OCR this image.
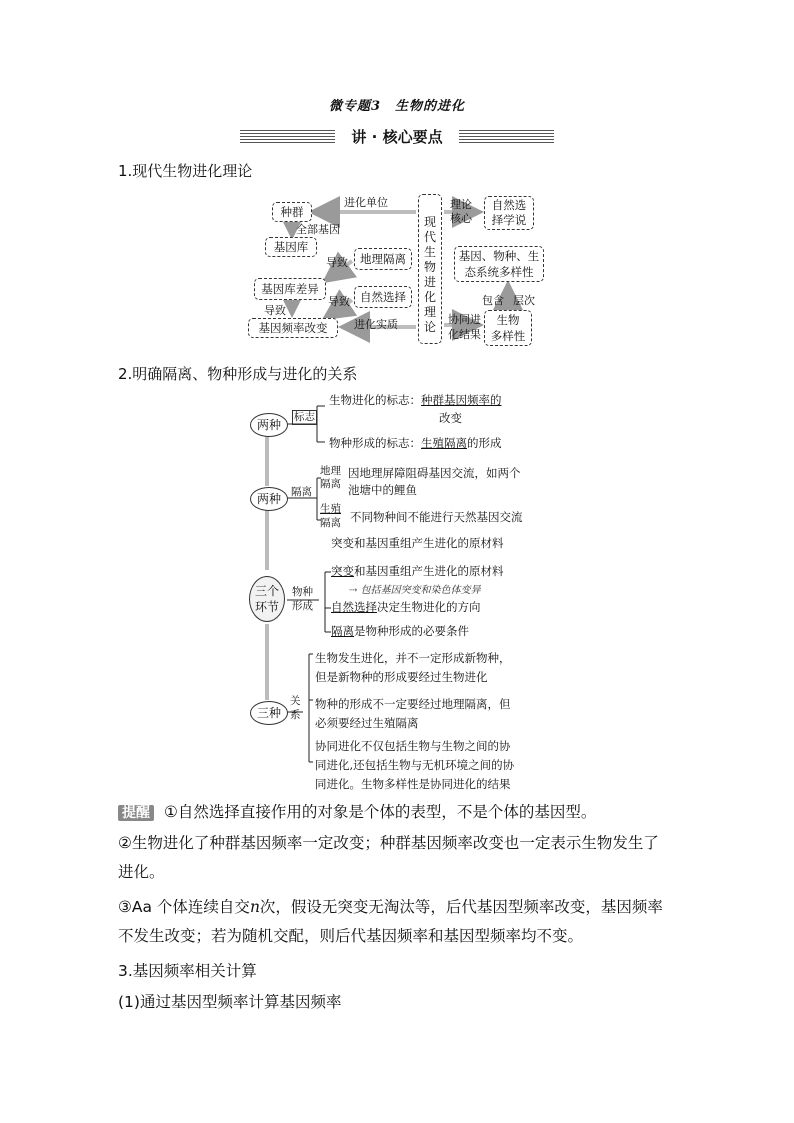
微专题3　生物的进化
讲 · 核心要点
1.现代生物进化理论
种群
进化单位
全部基因
基因库
导致	地理隔离
基因库差异
导致
导致 自然选择
基因频率改变	进化实质
现代生物进化理论
理论
核心
自然选
择学说
基因、物种、生
态系统多样性
包含 层次
协同进
化结果
生物
多样性
2.明确隔离、物种形成与进化的关系
两种
标志
生物进化的标志：种群基因频率的
改变
物种形成的标志：生殖隔离的形成
两种 隔离
地理
隔离
因地理屏障阻碍基因交流，如两个
池塘中的鲤鱼
生殖
隔离 不同物种间不能进行天然基因交流
突变和基因重组产生进化的原材料
三个
环节
物种
形成
突变和基因重组产生进化的原材料
⇢ 包括基因突变和染色体变异
自然选择决定生物进化的方向
隔离是物种形成的必要条件
三种
关
系
生物发生进化，并不一定形成新物种，
但是新物种的形成要经过生物进化
物种的形成不一定要经过地理隔离，但
必须要经过生殖隔离
协同进化不仅包括生物与生物之间的协
同进化,还包括生物与无机环境之间的协
同进化。生物多样性是协同进化的结果
提醒 ①自然选择直接作用的对象是个体的表型，不是个体的基因型。
②生物进化了种群基因频率一定改变；种群基因频率改变也一定表示生物发生了
进化。
③Aa 个体连续自交n次，假设无突变无淘汰等，后代基因型频率改变，基因频率
不发生改变；若为随机交配，则后代基因频率和基因型频率均不变。
3.基因频率相关计算
(1)通过基因型频率计算基因频率
